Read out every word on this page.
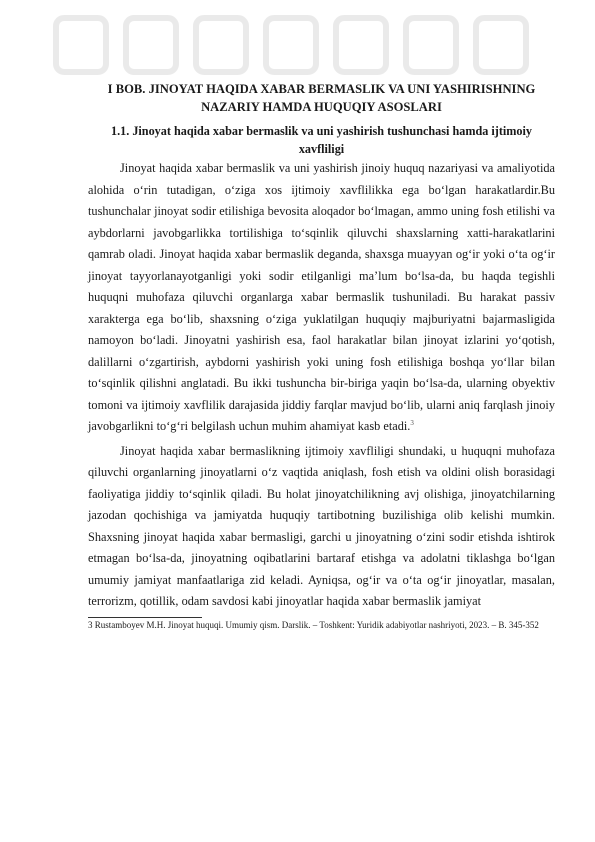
I BOB. JINOYAT HAQIDA XABAR BERMASLIK VA UNI YASHIRISHNING NAZARIY HAMDA HUQUQIY ASOSLARI
1.1. Jinoyat haqida xabar bermaslik va uni yashirish tushunchasi hamda ijtimoiy xavfliligi

Jinoyat haqida xabar bermaslik va uni yashirish jinoiy huquq nazariyasi va amaliyotida alohida oʻrin tutadigan, oʻziga xos ijtimoiy xavflilikka ega boʻlgan harakatlardir.Bu tushunchalar jinoyat sodir etilishiga bevosita aloqador boʻlmagan, ammo uning fosh etilishi va aybdorlarni javobgarlikka tortilishiga toʻsqinlik qiluvchi shaxslarning xatti-harakatlarini qamrab oladi. Jinoyat haqida xabar bermaslik deganda, shaxsga muayyan ogʻir yoki oʻta ogʻir jinoyat tayyorlanayotganligi yoki sodir etilganligi maʼlum boʻlsa-da, bu haqda tegishli huquqni muhofaza qiluvchi organlarga xabar bermaslik tushuniladi. Bu harakat passiv xarakterga ega boʻlib, shaxsning oʻziga yuklatilgan huquqiy majburiyatni bajarmasligida namoyon boʻladi. Jinoyatni yashirish esa, faol harakatlar bilan jinoyat izlarini yoʻqotish, dalillarni oʻzgartirish, aybdorni yashirish yoki uning fosh etilishiga boshqa yoʻllar bilan toʻsqinlik qilishni anglatadi. Bu ikki tushuncha bir-biriga yaqin boʻlsa-da, ularning obyektiv tomoni va ijtimoiy xavflilik darajasida jiddiy farqlar mavjud boʻlib, ularni aniq farqlash jinoiy javobgarlikni toʻgʻri belgilash uchun muhim ahamiyat kasb etadi.$^3$

Jinoyat haqida xabar bermaslikning ijtimoiy xavfliligi shundaki, u huquqni muhofaza qiluvchi organlarning jinoyatlarni oʻz vaqtida aniqlash, fosh etish va oldini olish borasidagi faoliyatiga jiddiy toʻsqinlik qiladi. Bu holat jinoyatchilikning avj olishiga, jinoyatchilarning jazodan qochishiga va jamiyatda huquqiy tartibotning buzilishiga olib kelishi mumkin. Shaxsning jinoyat haqida xabar bermasligi, garchi u jinoyatning oʻzini sodir etishda ishtirok etmagan boʻlsa-da, jinoyatning oqibatlarini bartaraf etishga va adolatni tiklashga boʻlgan umumiy jamiyat manfaatlariga zid keladi. Ayniqsa, ogʻir va oʻta ogʻir jinoyatlar, masalan, terrorizm, qotillik, odam savdosi kabi jinoyatlar haqida xabar bermaslik jamiyat

3 Rustamboyev M.H. Jinoyat huquqi. Umumiy qism. Darslik. – Toshkent: Yuridik adabiyotlar nashriyoti, 2023. – B. 345-352
